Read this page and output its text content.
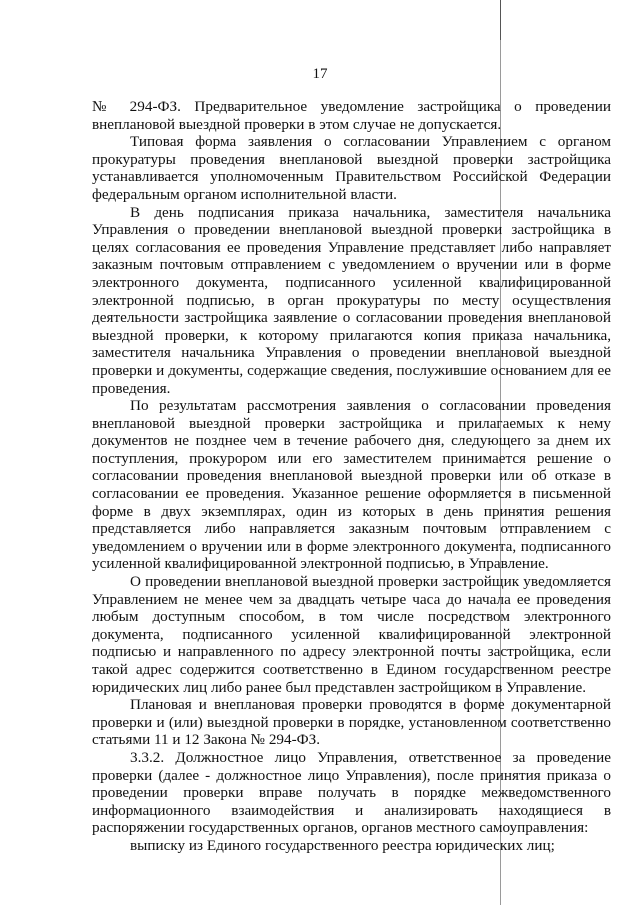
17

№ 294-ФЗ. Предварительное уведомление застройщика о проведении внеплановой выездной проверки в этом случае не допускается.

Типовая форма заявления о согласовании Управлением с органом прокуратуры проведения внеплановой выездной проверки застройщика устанавливается уполномоченным Правительством Российской Федерации федеральным органом исполнительной власти.

В день подписания приказа начальника, заместителя начальника Управления о проведении внеплановой выездной проверки застройщика в целях согласования ее проведения Управление представляет либо направляет заказным почтовым отправлением с уведомлением о вручении или в форме электронного документа, подписанного усиленной квалифицированной электронной подписью, в орган прокуратуры по месту осуществления деятельности застройщика заявление о согласовании проведения внеплановой выездной проверки, к которому прилагаются копия приказа начальника, заместителя начальника Управления о проведении внеплановой выездной проверки и документы, содержащие сведения, послужившие основанием для ее проведения.

По результатам рассмотрения заявления о согласовании проведения внеплановой выездной проверки застройщика и прилагаемых к нему документов не позднее чем в течение рабочего дня, следующего за днем их поступления, прокурором или его заместителем принимается решение о согласовании проведения внеплановой выездной проверки или об отказе в согласовании ее проведения. Указанное решение оформляется в письменной форме в двух экземплярах, один из которых в день принятия решения представляется либо направляется заказным почтовым отправлением с уведомлением о вручении или в форме электронного документа, подписанного усиленной квалифицированной электронной подписью, в Управление.

О проведении внеплановой выездной проверки застройщик уведомляется Управлением не менее чем за двадцать четыре часа до начала ее проведения любым доступным способом, в том числе посредством электронного документа, подписанного усиленной квалифицированной электронной подписью и направленного по адресу электронной почты застройщика, если такой адрес содержится соответственно в Едином государственном реестре юридических лиц либо ранее был представлен застройщиком в Управление.

Плановая и внеплановая проверки проводятся в форме документарной проверки и (или) выездной проверки в порядке, установленном соответственно статьями 11 и 12 Закона № 294-ФЗ.

3.3.2. Должностное лицо Управления, ответственное за проведение проверки (далее - должностное лицо Управления), после принятия приказа о проведении проверки вправе получать в порядке межведомственного информационного взаимодействия и анализировать находящиеся в распоряжении государственных органов, органов местного самоуправления:

выписку из Единого государственного реестра юридических лиц;
